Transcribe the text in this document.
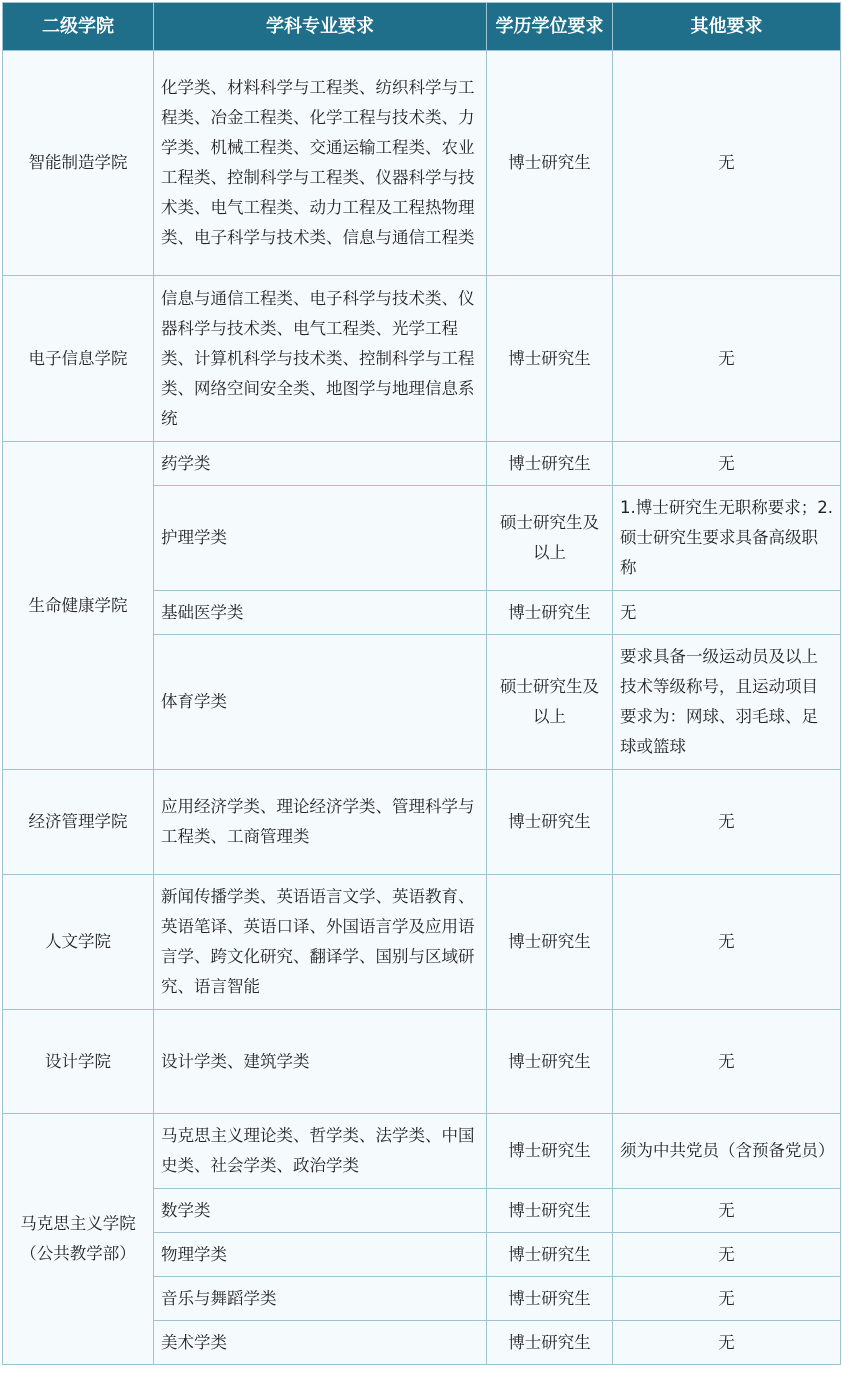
二级学院	学科专业要求	学历学位要求	其他要求
智能制造学院	化学类、材料科学与工程类、纺织科学与工程类、冶金工程类、化学工程与技术类、力学类、机械工程类、交通运输工程类、农业工程类、控制科学与工程类、仪器科学与技术类、电气工程类、动力工程及工程热物理类、电子科学与技术类、信息与通信工程类	博士研究生	无
电子信息学院	信息与通信工程类、电子科学与技术类、仪器科学与技术类、电气工程类、光学工程类、计算机科学与技术类、控制科学与工程类、网络空间安全类、地图学与地理信息系统	博士研究生	无
生命健康学院	药学类	博士研究生	无
	护理学类	硕士研究生及以上	1.博士研究生无职称要求；2.硕士研究生要求具备高级职称
	基础医学类	博士研究生	无
	体育学类	硕士研究生及以上	要求具备一级运动员及以上技术等级称号，且运动项目要求为：网球、羽毛球、足球或篮球
经济管理学院	应用经济学类、理论经济学类、管理科学与工程类、工商管理类	博士研究生	无
人文学院	新闻传播学类、英语语言文学、英语教育、英语笔译、英语口译、外国语言学及应用语言学、跨文化研究、翻译学、国别与区域研究、语言智能	博士研究生	无
设计学院	设计学类、建筑学类	博士研究生	无
马克思主义学院（公共教学部）	马克思主义理论类、哲学类、法学类、中国史类、社会学类、政治学类	博士研究生	须为中共党员（含预备党员）
	数学类	博士研究生	无
	物理学类	博士研究生	无
	音乐与舞蹈学类	博士研究生	无
	美术学类	博士研究生	无
